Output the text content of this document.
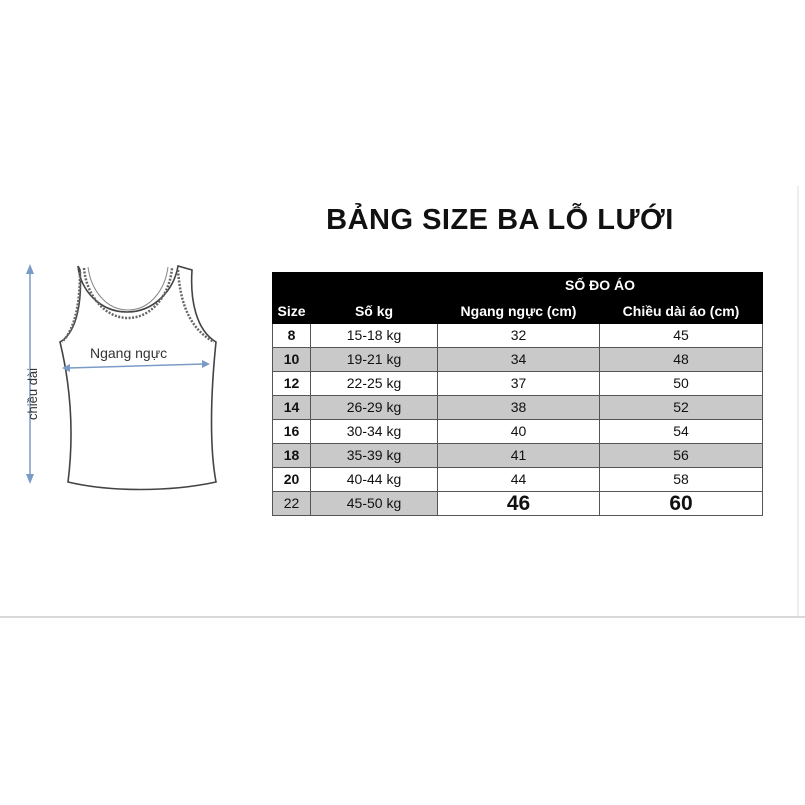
BẢNG SIZE BA LỖ LƯỚI
Ngang ngực
chiều dài
		SỐ ĐO ÁO	
Size	Số kg	Ngang ngực (cm)	Chiều dài áo (cm)
8	15-18 kg	32	45
10	19-21 kg	34	48
12	22-25 kg	37	50
14	26-29 kg	38	52
16	30-34 kg	40	54
18	35-39 kg	41	56
20	40-44 kg	44	58
22	45-50 kg	46	60
